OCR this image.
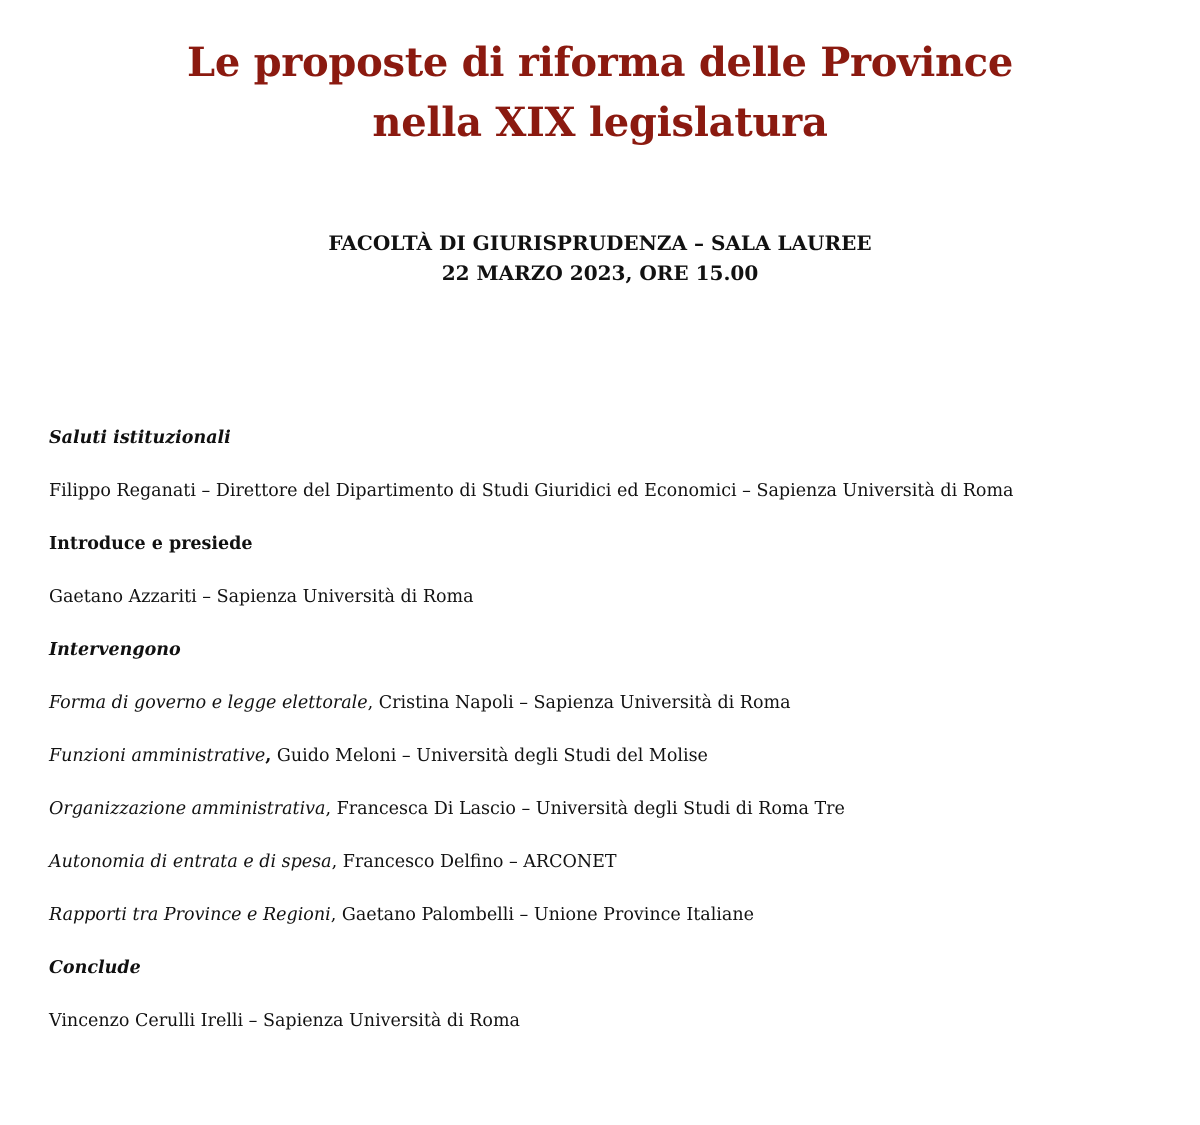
Le proposte di riforma delle Province
nella XIX legislatura

FACOLTÀ DI GIURISPRUDENZA – SALA LAUREE
22 MARZO 2023, ORE 15.00

Saluti istituzionali
Filippo Reganati – Direttore del Dipartimento di Studi Giuridici ed Economici – Sapienza Università di Roma
Introduce e presiede
Gaetano Azzariti – Sapienza Università di Roma
Intervengono
Forma di governo e legge elettorale, Cristina Napoli – Sapienza Università di Roma
Funzioni amministrative, Guido Meloni – Università degli Studi del Molise
Organizzazione amministrativa, Francesca Di Lascio – Università degli Studi di Roma Tre
Autonomia di entrata e di spesa, Francesco Delfino – ARCONET
Rapporti tra Province e Regioni, Gaetano Palombelli – Unione Province Italiane
Conclude
Vincenzo Cerulli Irelli – Sapienza Università di Roma
